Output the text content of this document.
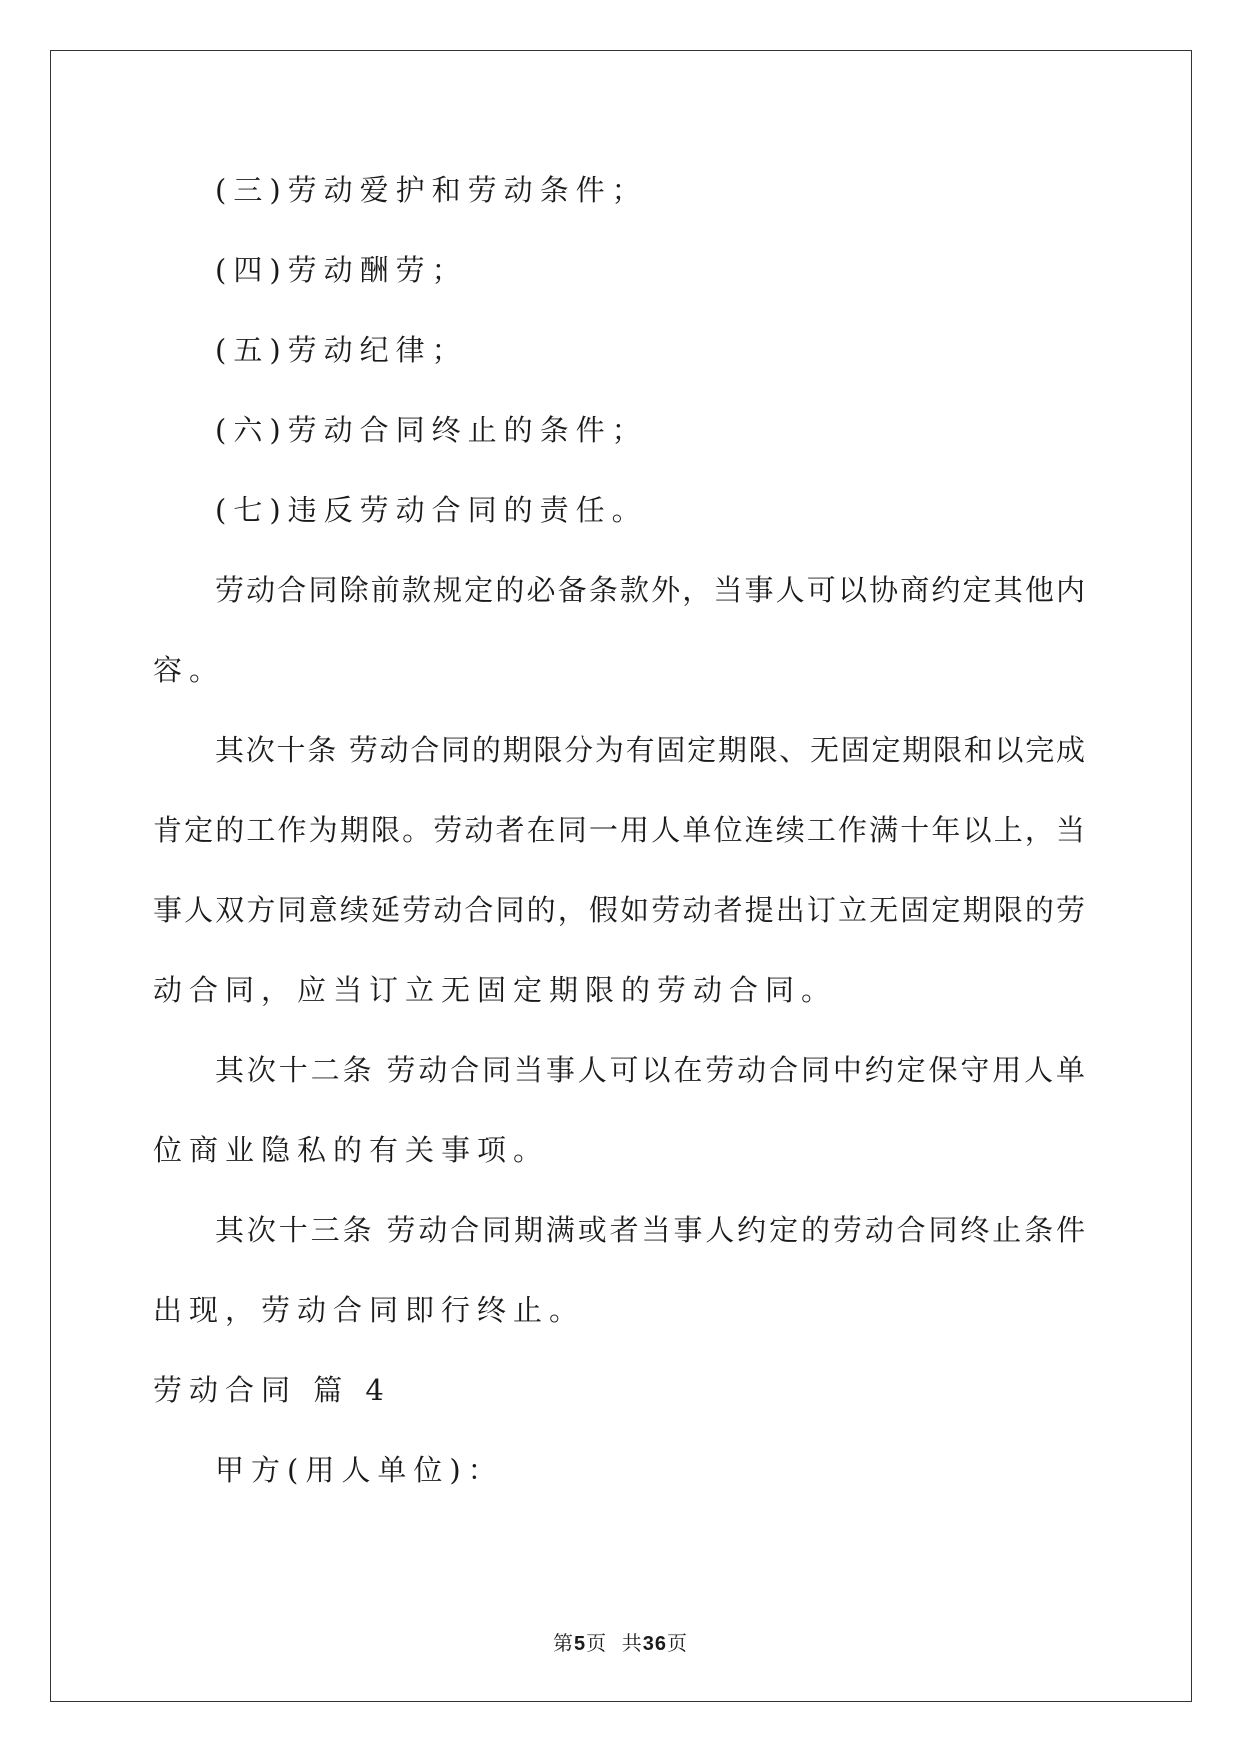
(三)劳动爱护和劳动条件；
(四)劳动酬劳；
(五)劳动纪律；
(六)劳动合同终止的条件；
(七)违反劳动合同的责任。
劳动合同除前款规定的必备条款外，当事人可以协商约定其他内
容。
其次十条 劳动合同的期限分为有固定期限、无固定期限和以完成
肯定的工作为期限。劳动者在同一用人单位连续工作满十年以上，当
事人双方同意续延劳动合同的，假如劳动者提出订立无固定期限的劳
动合同，应当订立无固定期限的劳动合同。
其次十二条 劳动合同当事人可以在劳动合同中约定保守用人单
位商业隐私的有关事项。
其次十三条 劳动合同期满或者当事人约定的劳动合同终止条件
出现，劳动合同即行终止。
劳动合同 篇 4
甲方(用人单位)：
第5页  共36页
